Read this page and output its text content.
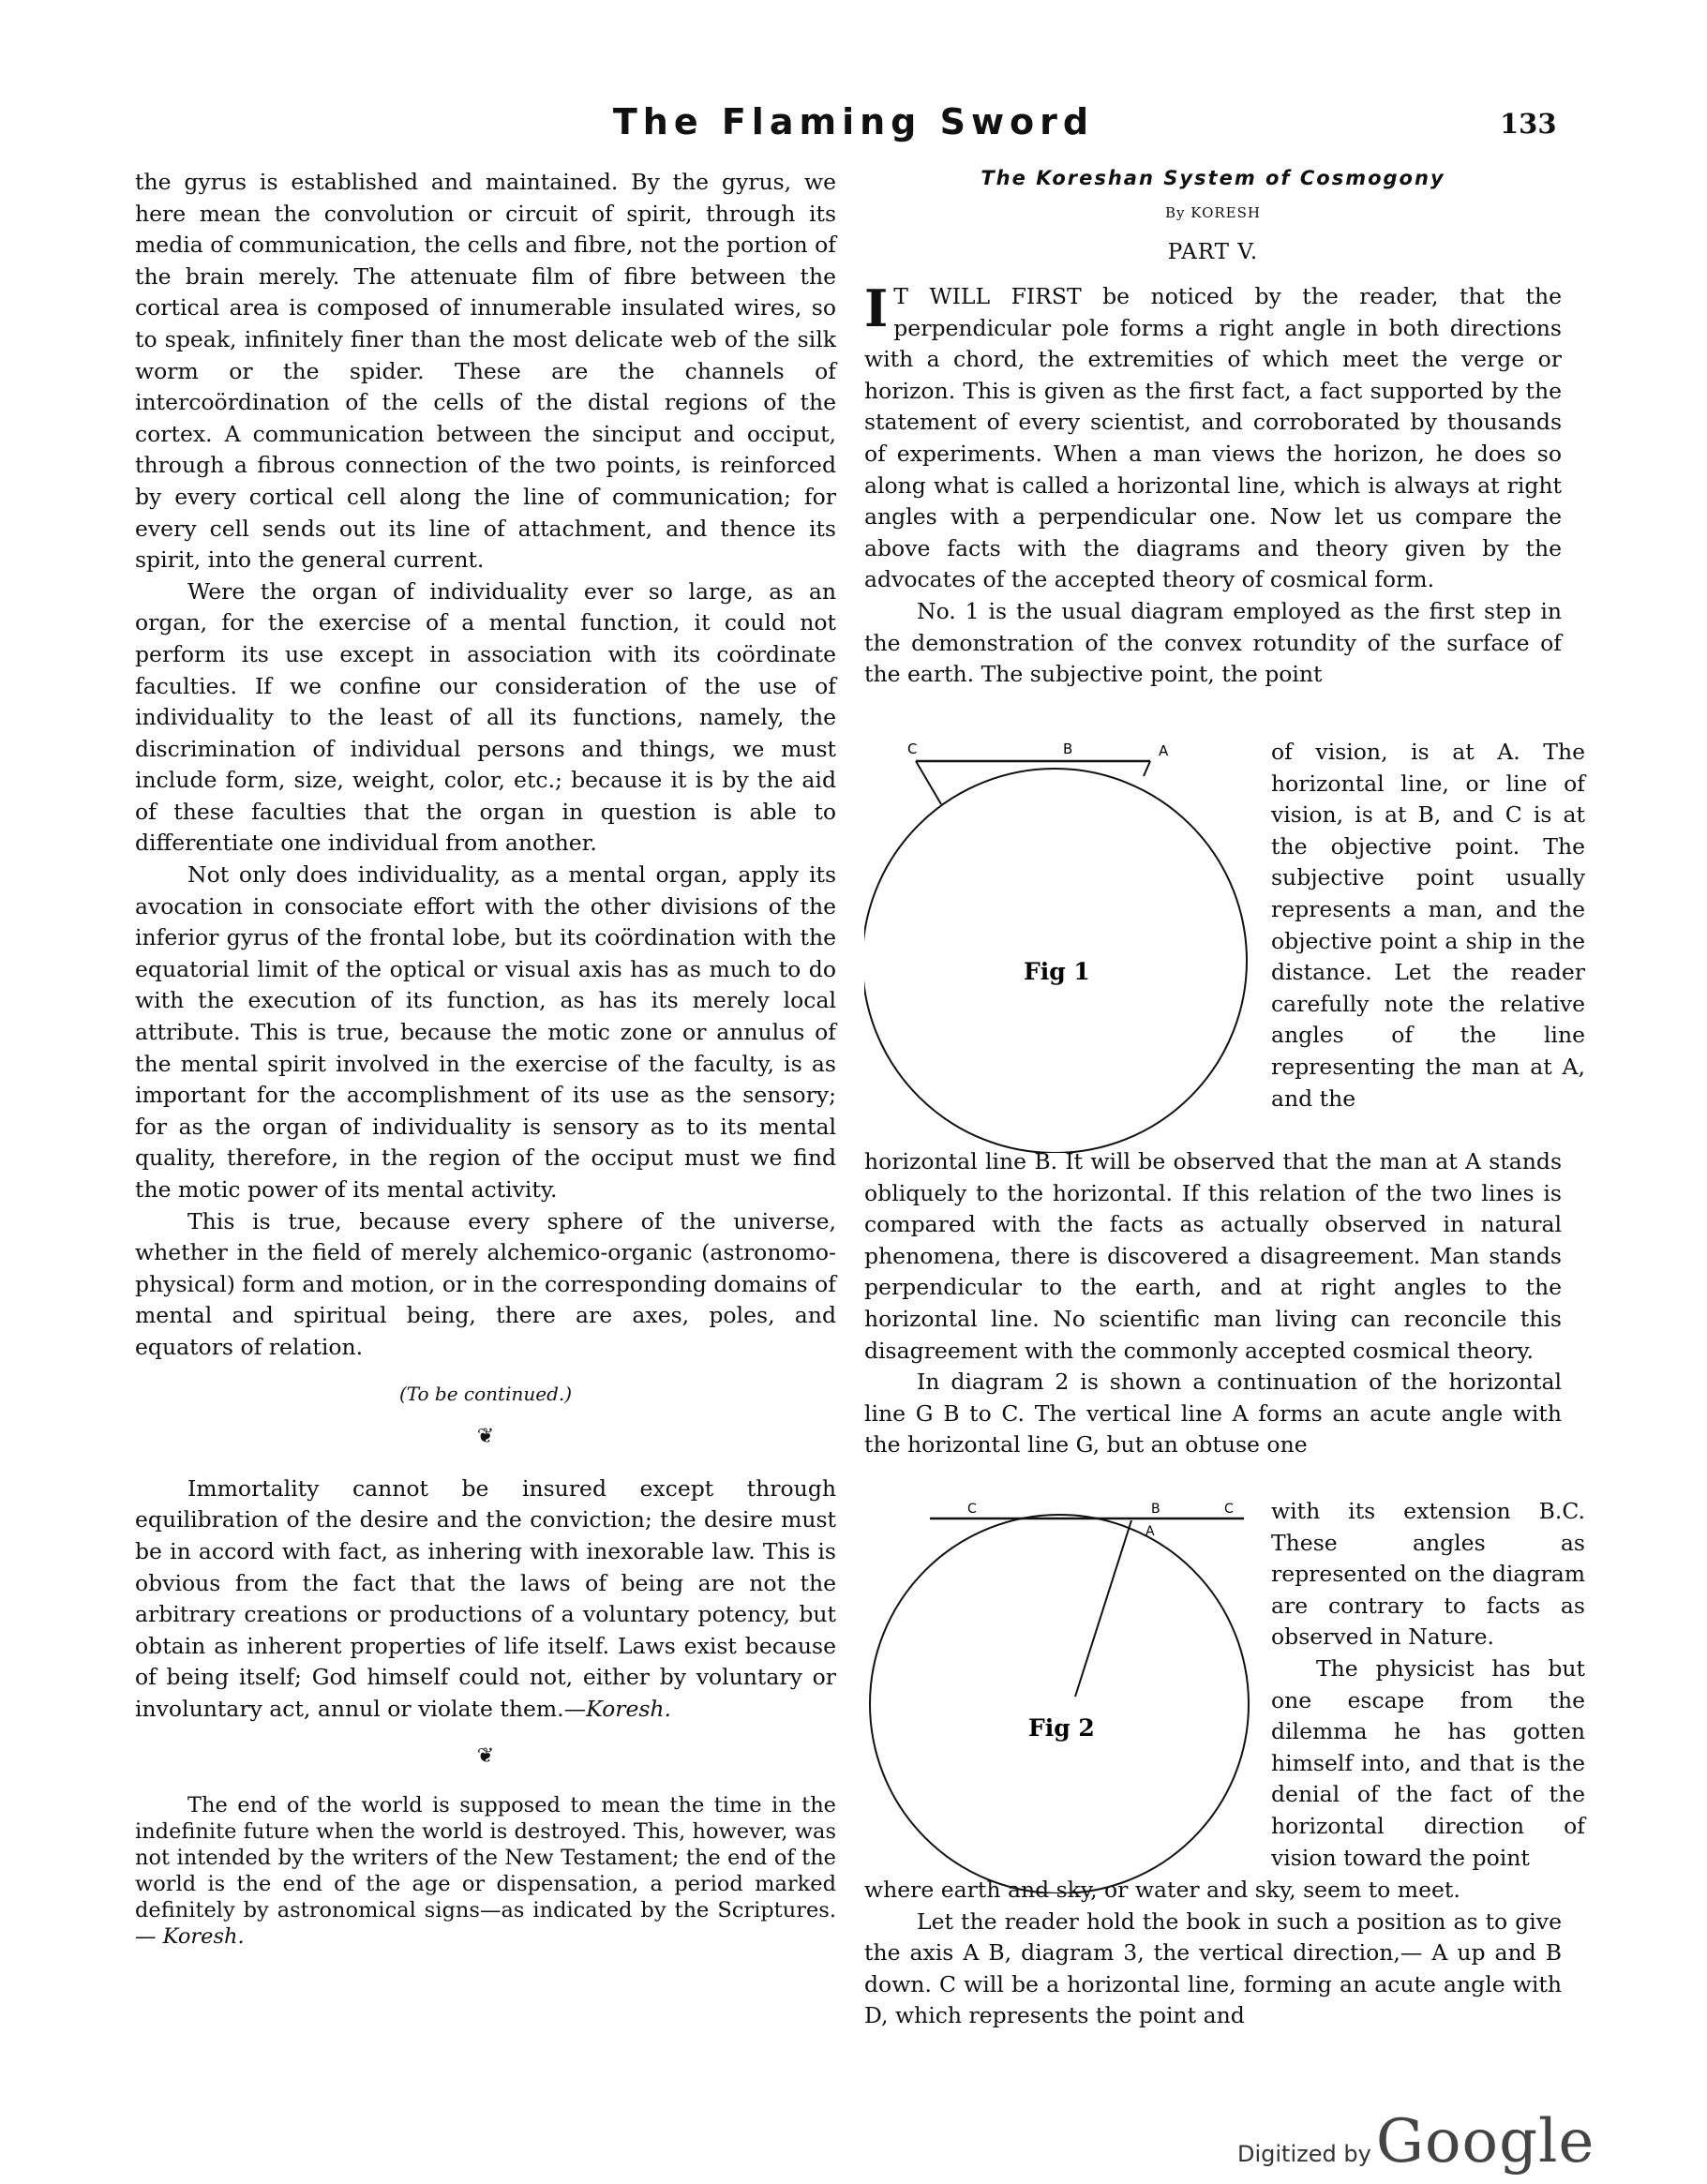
The Flaming Sword	133

the gyrus is established and maintained. By the gyrus, we here mean the convolution or circuit of spirit, through its media of communication, the cells and fibre, not the portion of the brain merely. The attenuate film of fibre between the cortical area is composed of innumerable insulated wires, so to speak, infinitely finer than the most delicate web of the silk worm or the spider. These are the channels of intercoördination of the cells of the distal regions of the cortex. A communication between the sinciput and occiput, through a fibrous connection of the two points, is reinforced by every cortical cell along the line of communication; for every cell sends out its line of attachment, and thence its spirit, into the general current.

Were the organ of individuality ever so large, as an organ, for the exercise of a mental function, it could not perform its use except in association with its coördinate faculties. If we confine our consideration of the use of individuality to the least of all its functions, namely, the discrimination of individual persons and things, we must include form, size, weight, color, etc.; because it is by the aid of these faculties that the organ in question is able to differentiate one individual from another.

Not only does individuality, as a mental organ, apply its avocation in consociate effort with the other divisions of the inferior gyrus of the frontal lobe, but its coördination with the equatorial limit of the optical or visual axis has as much to do with the execution of its function, as has its merely local attribute. This is true, because the motic zone or annulus of the mental spirit involved in the exercise of the faculty, is as important for the accomplishment of its use as the sensory; for as the organ of individuality is sensory as to its mental quality, therefore, in the region of the occiput must we find the motic power of its mental activity.

This is true, because every sphere of the universe, whether in the field of merely alchemico-organic (astronomo-physical) form and motion, or in the corresponding domains of mental and spiritual being, there are axes, poles, and equators of relation.

(To be continued.)

❦

Immortality cannot be insured except through equilibration of the desire and the conviction; the desire must be in accord with fact, as inhering with inexorable law. This is obvious from the fact that the laws of being are not the arbitrary creations or productions of a voluntary potency, but obtain as inherent properties of life itself. Laws exist because of being itself; God himself could not, either by voluntary or involuntary act, annul or violate them.—Koresh.

❦

The end of the world is supposed to mean the time in the indefinite future when the world is destroyed. This, however, was not intended by the writers of the New Testament; the end of the world is the end of the age or dispensation, a period marked definitely by astronomical signs—as indicated by the Scriptures.— Koresh.

The Koreshan System of Cosmogony
By KORESH
PART V.

I T WILL FIRST be noticed by the reader, that the perpendicular pole forms a right angle in both directions with a chord, the extremities of which meet the verge or horizon. This is given as the first fact, a fact supported by the statement of every scientist, and corroborated by thousands of experiments. When a man views the horizon, he does so along what is called a horizontal line, which is always at right angles with a perpendicular one. Now let us compare the above facts with the diagrams and theory given by the advocates of the accepted theory of cosmical form.

No. 1 is the usual diagram employed as the first step in the demonstration of the convex rotundity of the surface of the earth. The subjective point, the point

C	B	A
Fig 1
of vision, is at A. The horizontal line, or line of vision, is at B, and C is at the objective point. The subjective point usually represents a man, and the objective point a ship in the distance. Let the reader carefully note the relative angles of the line representing the man at A, and the

horizontal line B. It will be observed that the man at A stands obliquely to the horizontal. If this relation of the two lines is compared with the facts as actually observed in natural phenomena, there is discovered a disagreement. Man stands perpendicular to the earth, and at right angles to the horizontal line. No scientific man living can reconcile this disagreement with the commonly accepted cosmical theory.

In diagram 2 is shown a continuation of the horizontal line G B to C. The vertical line A forms an acute angle with the horizontal line G, but an obtuse one

C	B	C
A
Fig 2

with its extension B.C. These angles as represented on the diagram are contrary to facts as observed in Nature.

The physicist has but one escape from the dilemma he has gotten himself into, and that is the denial of the fact of the horizontal direction of vision toward the point

where earth and sky, or water and sky, seem to meet.

Let the reader hold the book in such a position as to give the axis A B, diagram 3, the vertical direction,— A up and B down. C will be a horizontal line, forming an acute angle with D, which represents the point and

Digitized by Google
